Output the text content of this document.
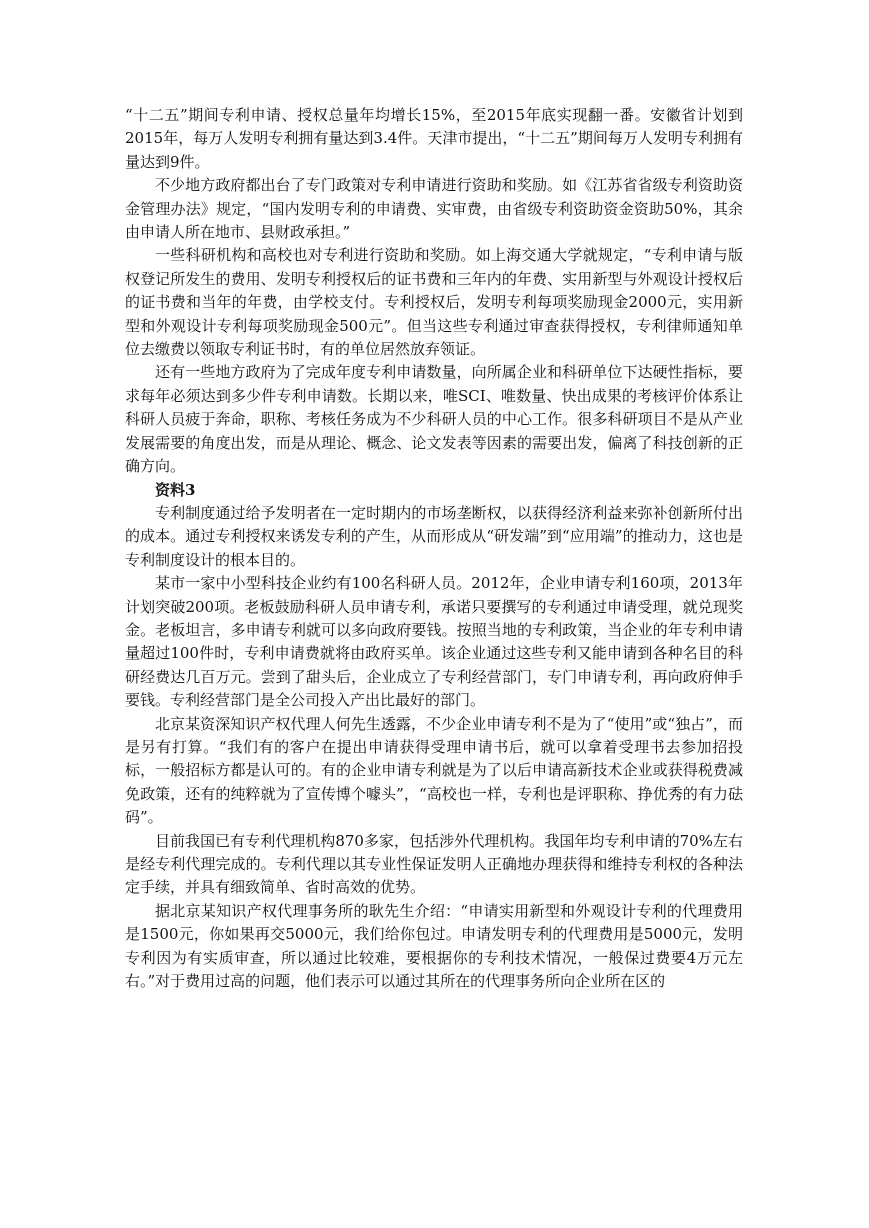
“十二五”期间专利申请、授权总量年均增长15%，至2015年底实现翻一番。安徽省计划到2015年，每万人发明专利拥有量达到3.4件。天津市提出，“十二五”期间每万人发明专利拥有量达到9件。

不少地方政府都出台了专门政策对专利申请进行资助和奖励。如《江苏省省级专利资助资金管理办法》规定，“国内发明专利的申请费、实审费，由省级专利资助资金资助50%，其余由申请人所在地市、县财政承担。”

一些科研机构和高校也对专利进行资助和奖励。如上海交通大学就规定，“专利申请与版权登记所发生的费用、发明专利授权后的证书费和三年内的年费、实用新型与外观设计授权后的证书费和当年的年费，由学校支付。专利授权后，发明专利每项奖励现金2000元，实用新型和外观设计专利每项奖励现金500元”。但当这些专利通过审查获得授权，专利律师通知单位去缴费以领取专利证书时，有的单位居然放弃领证。

还有一些地方政府为了完成年度专利申请数量，向所属企业和科研单位下达硬性指标，要求每年必须达到多少件专利申请数。长期以来，唯SCI、唯数量、快出成果的考核评价体系让科研人员疲于奔命，职称、考核任务成为不少科研人员的中心工作。很多科研项目不是从产业发展需要的角度出发，而是从理论、概念、论文发表等因素的需要出发，偏离了科技创新的正确方向。

资料3

专利制度通过给予发明者在一定时期内的市场垄断权，以获得经济利益来弥补创新所付出的成本。通过专利授权来诱发专利的产生，从而形成从“研发端”到“应用端”的推动力，这也是专利制度设计的根本目的。

某市一家中小型科技企业约有100名科研人员。2012年，企业申请专利160项，2013年计划突破200项。老板鼓励科研人员申请专利，承诺只要撰写的专利通过申请受理，就兑现奖金。老板坦言，多申请专利就可以多向政府要钱。按照当地的专利政策，当企业的年专利申请量超过100件时，专利申请费就将由政府买单。该企业通过这些专利又能申请到各种名目的科研经费达几百万元。尝到了甜头后，企业成立了专利经营部门，专门申请专利，再向政府伸手要钱。专利经营部门是全公司投入产出比最好的部门。

北京某资深知识产权代理人何先生透露，不少企业申请专利不是为了“使用”或“独占”，而是另有打算。“我们有的客户在提出申请获得受理申请书后，就可以拿着受理书去参加招投标，一般招标方都是认可的。有的企业申请专利就是为了以后申请高新技术企业或获得税费减免政策，还有的纯粹就为了宣传博个噱头”，“高校也一样，专利也是评职称、挣优秀的有力砝码”。

目前我国已有专利代理机构870多家，包括涉外代理机构。我国年均专利申请的70%左右是经专利代理完成的。专利代理以其专业性保证发明人正确地办理获得和维持专利权的各种法定手续，并具有细致简单、省时高效的优势。

据北京某知识产权代理事务所的耿先生介绍：“申请实用新型和外观设计专利的代理费用是1500元，你如果再交5000元，我们给你包过。申请发明专利的代理费用是5000元，发明专利因为有实质审查，所以通过比较难，要根据你的专利技术情况，一般保过费要4万元左右。”对于费用过高的问题，他们表示可以通过其所在的代理事务所向企业所在区的
